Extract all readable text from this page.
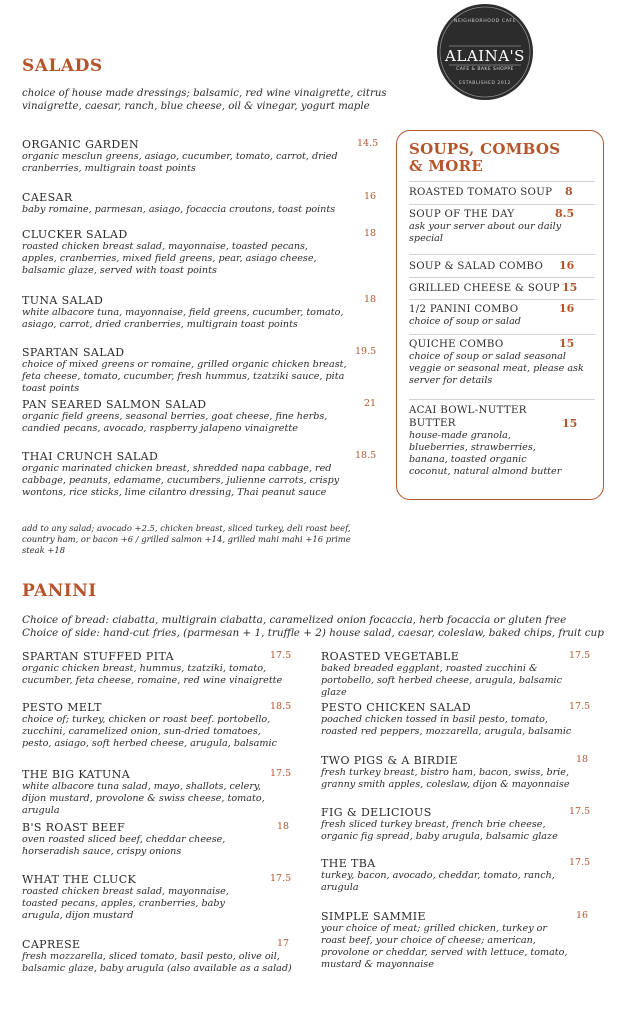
NEIGHBORHOOD CAFE
ALAINA'S
CAFE & BAKE SHOPPE
ESTABLISHED 2012
SALADS
choice of house made dressings; balsamic, red wine vinaigrette, citrus vinaigrette, caesar, ranch, blue cheese, oil & vinegar, yogurt maple
ORGANIC GARDEN	14.5
organic mesclun greens, asiago, cucumber, tomato, carrot, dried cranberries, multigrain toast points
CAESAR	16
baby romaine, parmesan, asiago, focaccia croutons, toast points
CLUCKER SALAD	18
roasted chicken breast salad, mayonnaise, toasted pecans, apples, cranberries, mixed field greens, pear, asiago cheese, balsamic glaze, served with toast points
TUNA SALAD	18
white albacore tuna, mayonnaise, field greens, cucumber, tomato, asiago, carrot, dried cranberries, multigrain toast points
SPARTAN SALAD	19.5
choice of mixed greens or romaine, grilled organic chicken breast, feta cheese, tomato, cucumber, fresh hummus, tzatziki sauce, pita toast points
PAN SEARED SALMON SALAD	21
organic field greens, seasonal berries, goat cheese, fine herbs, candied pecans, avocado, raspberry jalapeno vinaigrette
THAI CRUNCH SALAD	18.5
organic marinated chicken breast, shredded napa cabbage, red cabbage, peanuts, edamame, cucumbers, julienne carrots, crispy wontons, rice sticks, lime cilantro dressing, Thai peanut sauce
add to any salad; avocado +2.5, chicken breast, sliced turkey, deli roast beef, country ham, or bacon +6 / grilled salmon +14, grilled mahi mahi +16 prime steak +18
SOUPS, COMBOS
& MORE
ROASTED TOMATO SOUP	8
SOUP OF THE DAY	8.5
ask your server about our daily special
SOUP & SALAD COMBO	16
GRILLED CHEESE & SOUP 15
1/2 PANINI COMBO	16
choice of soup or salad
QUICHE COMBO	15
choice of soup or salad seasonal veggie or seasonal meat, please ask server for details
ACAI BOWL-NUTTER BUTTER	15
house-made granola, blueberries, strawberries, banana, toasted organic coconut, natural almond butter
PANINI
Choice of bread: ciabatta, multigrain ciabatta, caramelized onion focaccia, herb focaccia or gluten free
Choice of side: hand-cut fries, (parmesan + 1, truffle + 2) house salad, caesar, coleslaw, baked chips, fruit cup
SPARTAN STUFFED PITA	17.5
organic chicken breast, hummus, tzatziki, tomato, cucumber, feta cheese, romaine, red wine vinaigrette
PESTO MELT	18.5
choice of; turkey, chicken or roast beef. portobello, zucchini, caramelized onion, sun-dried tomatoes, pesto, asiago, soft herbed cheese, arugula, balsamic
THE BIG KATUNA	17.5
white albacore tuna salad, mayo, shallots, celery, dijon mustard, provolone & swiss cheese, tomato, arugula
B'S ROAST BEEF	18
oven roasted sliced beef, cheddar cheese, horseradish sauce, crispy onions
WHAT THE CLUCK	17.5
roasted chicken breast salad, mayonnaise, toasted pecans, apples, cranberries, baby arugula, dijon mustard
CAPRESE	17
fresh mozzarella, sliced tomato, basil pesto, olive oil, balsamic glaze, baby arugula (also available as a salad)
ROASTED VEGETABLE	17.5
baked breaded eggplant, roasted zucchini & portobello, soft herbed cheese, arugula, balsamic glaze
PESTO CHICKEN SALAD	17.5
poached chicken tossed in basil pesto, tomato, roasted red peppers, mozzarella, arugula, balsamic
TWO PIGS & A BIRDIE	18
fresh turkey breast, bistro ham, bacon, swiss, brie, granny smith apples, coleslaw, dijon & mayonnaise
FIG & DELICIOUS	17.5
fresh sliced turkey breast, french brie cheese, organic fig spread, baby arugula, balsamic glaze
THE TBA	17.5
turkey, bacon, avocado, cheddar, tomato, ranch, arugula
SIMPLE SAMMIE	16
your choice of meat; grilled chicken, turkey or roast beef, your choice of cheese; american, provolone or cheddar, served with lettuce, tomato, mustard & mayonnaise
